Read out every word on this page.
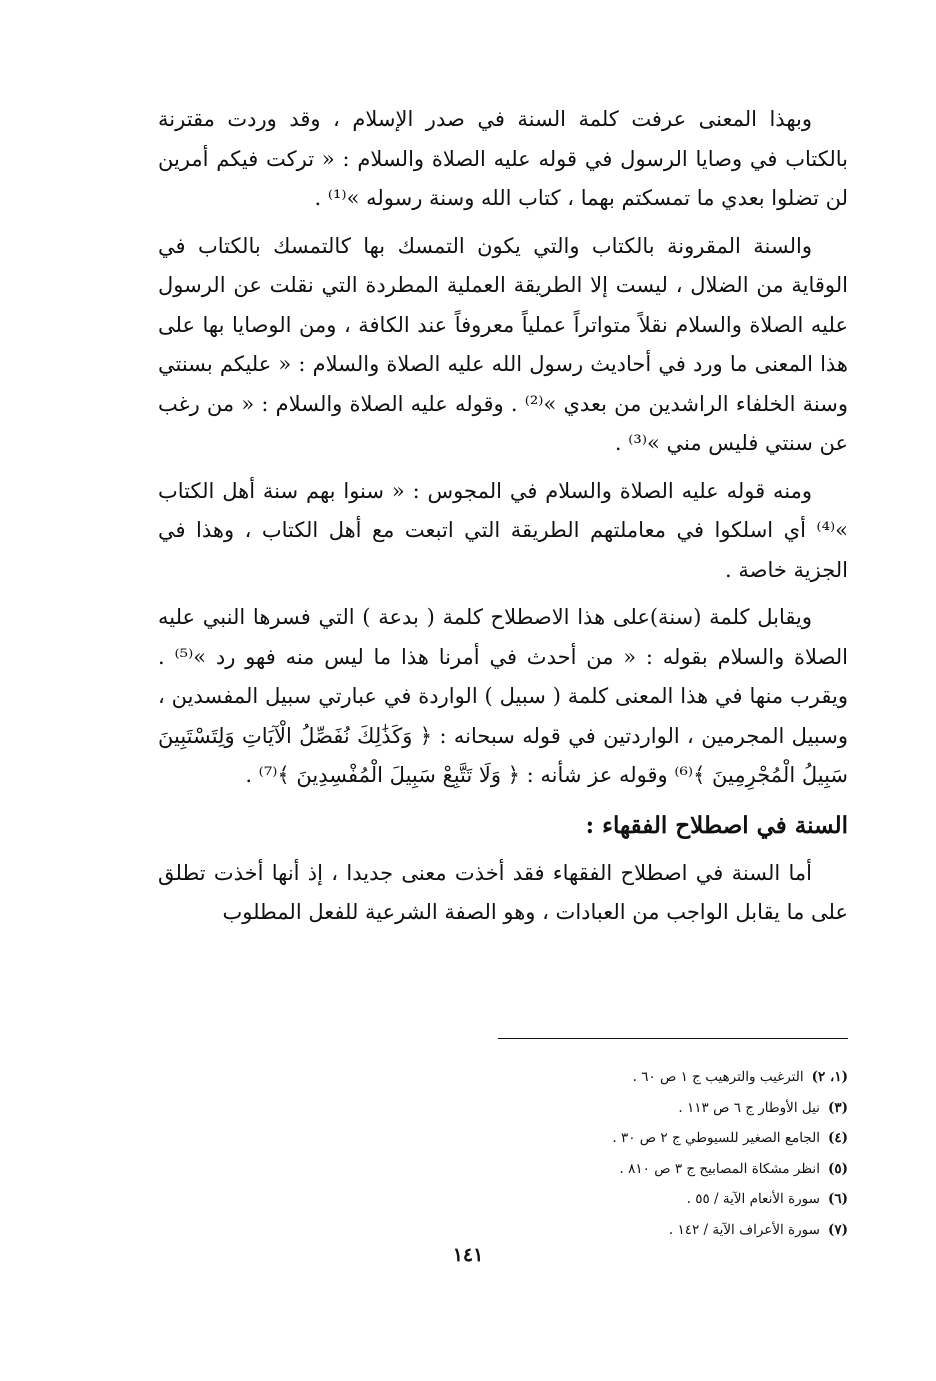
وبهذا المعنى عرفت كلمة السنة في صدر الإسلام ، وقد وردت مقترنة بالكتاب في وصايا الرسول في قوله عليه الصلاة والسلام : « تركت فيكم أمرين لن تضلوا بعدي ما تمسكتم بهما ، كتاب الله وسنة رسوله »⁽¹⁾ .

والسنة المقرونة بالكتاب والتي يكون التمسك بها كالتمسك بالكتاب في الوقاية من الضلال ، ليست إلا الطريقة العملية المطردة التي نقلت عن الرسول عليه الصلاة والسلام نقلاً متواتراً عملياً معروفاً عند الكافة ، ومن الوصايا بها على هذا المعنى ما ورد في أحاديث رسول الله عليه الصلاة والسلام : « عليكم بسنتي وسنة الخلفاء الراشدين من بعدي »⁽²⁾ . وقوله عليه الصلاة والسلام : « من رغب عن سنتي فليس مني »⁽³⁾ .

ومنه قوله عليه الصلاة والسلام في المجوس : « سنوا بهم سنة أهل الكتاب »⁽⁴⁾ أي اسلكوا في معاملتهم الطريقة التي اتبعت مع أهل الكتاب ، وهذا في الجزية خاصة .

ويقابل كلمة (سنة)على هذا الاصطلاح كلمة ( بدعة ) التي فسرها النبي عليه الصلاة والسلام بقوله : « من أحدث في أمرنا هذا ما ليس منه فهو رد »⁽⁵⁾ . ويقرب منها في هذا المعنى كلمة ( سبيل ) الواردة في عبارتي سبيل المفسدين ، وسبيل المجرمين ، الواردتين في قوله سبحانه : ﴿ وَكَذَٰلِكَ نُفَصِّلُ الْآيَاتِ وَلِتَسْتَبِينَ سَبِيلُ الْمُجْرِمِينَ ﴾⁽⁶⁾ وقوله عز شأنه : ﴿ وَلَا تَتَّبِعْ سَبِيلَ الْمُفْسِدِينَ ﴾⁽⁷⁾ .

السنة في اصطلاح الفقهاء :

أما السنة في اصطلاح الفقهاء فقد أخذت معنى جديدا ، إذ أنها أخذت تطلق على ما يقابل الواجب من العبادات ، وهو الصفة الشرعية للفعل المطلوب

(١، ٢)الترغيب والترهيب ج ١ ص ٦٠ .
(٣)نيل الأوطار ج ٦ ص ١١٣ .
(٤)الجامع الصغير للسيوطي ج ٢ ص ٣٠ .
(٥)انظر مشكاة المصابيح ج ٣ ص ٨١٠ .
(٦)سورة الأنعام الآية / ٥٥ .
(٧)سورة الأعراف الآية / ١٤٢ .
١٤١
